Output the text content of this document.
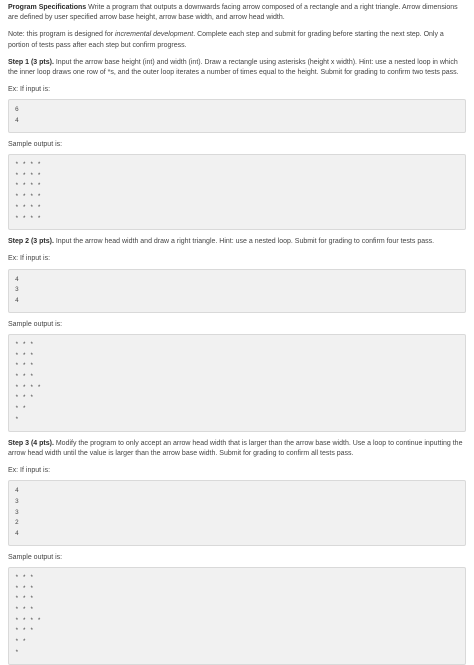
Program Specifications Write a program that outputs a downwards facing arrow composed of a rectangle and a right triangle. Arrow dimensions are defined by user specified arrow base height, arrow base width, and arrow head width.

Note: this program is designed for incremental development. Complete each step and submit for grading before starting the next step. Only a portion of tests pass after each step but confirm progress.

Step 1 (3 pts). Input the arrow base height (int) and width (int). Draw a rectangle using asterisks (height x width). Hint: use a nested loop in which the inner loop draws one row of *s, and the outer loop iterates a number of times equal to the height. Submit for grading to confirm two tests pass.

Ex: If input is:

6
4

Sample output is:

* * * *
* * * *
* * * *
* * * *
* * * *
* * * *

Step 2 (3 pts). Input the arrow head width and draw a right triangle. Hint: use a nested loop. Submit for grading to confirm four tests pass.

Ex: If input is:

4
3
4

Sample output is:

* * *
* * *
* * *
* * *
* * * *
* * *
* *
*

Step 3 (4 pts). Modify the program to only accept an arrow head width that is larger than the arrow base width. Use a loop to continue inputting the arrow head width until the value is larger than the arrow base width. Submit for grading to confirm all tests pass.

Ex: If input is:

4
3
3
2
4

Sample output is:

* * *
* * *
* * *
* * *
* * * *
* * *
* *
*
